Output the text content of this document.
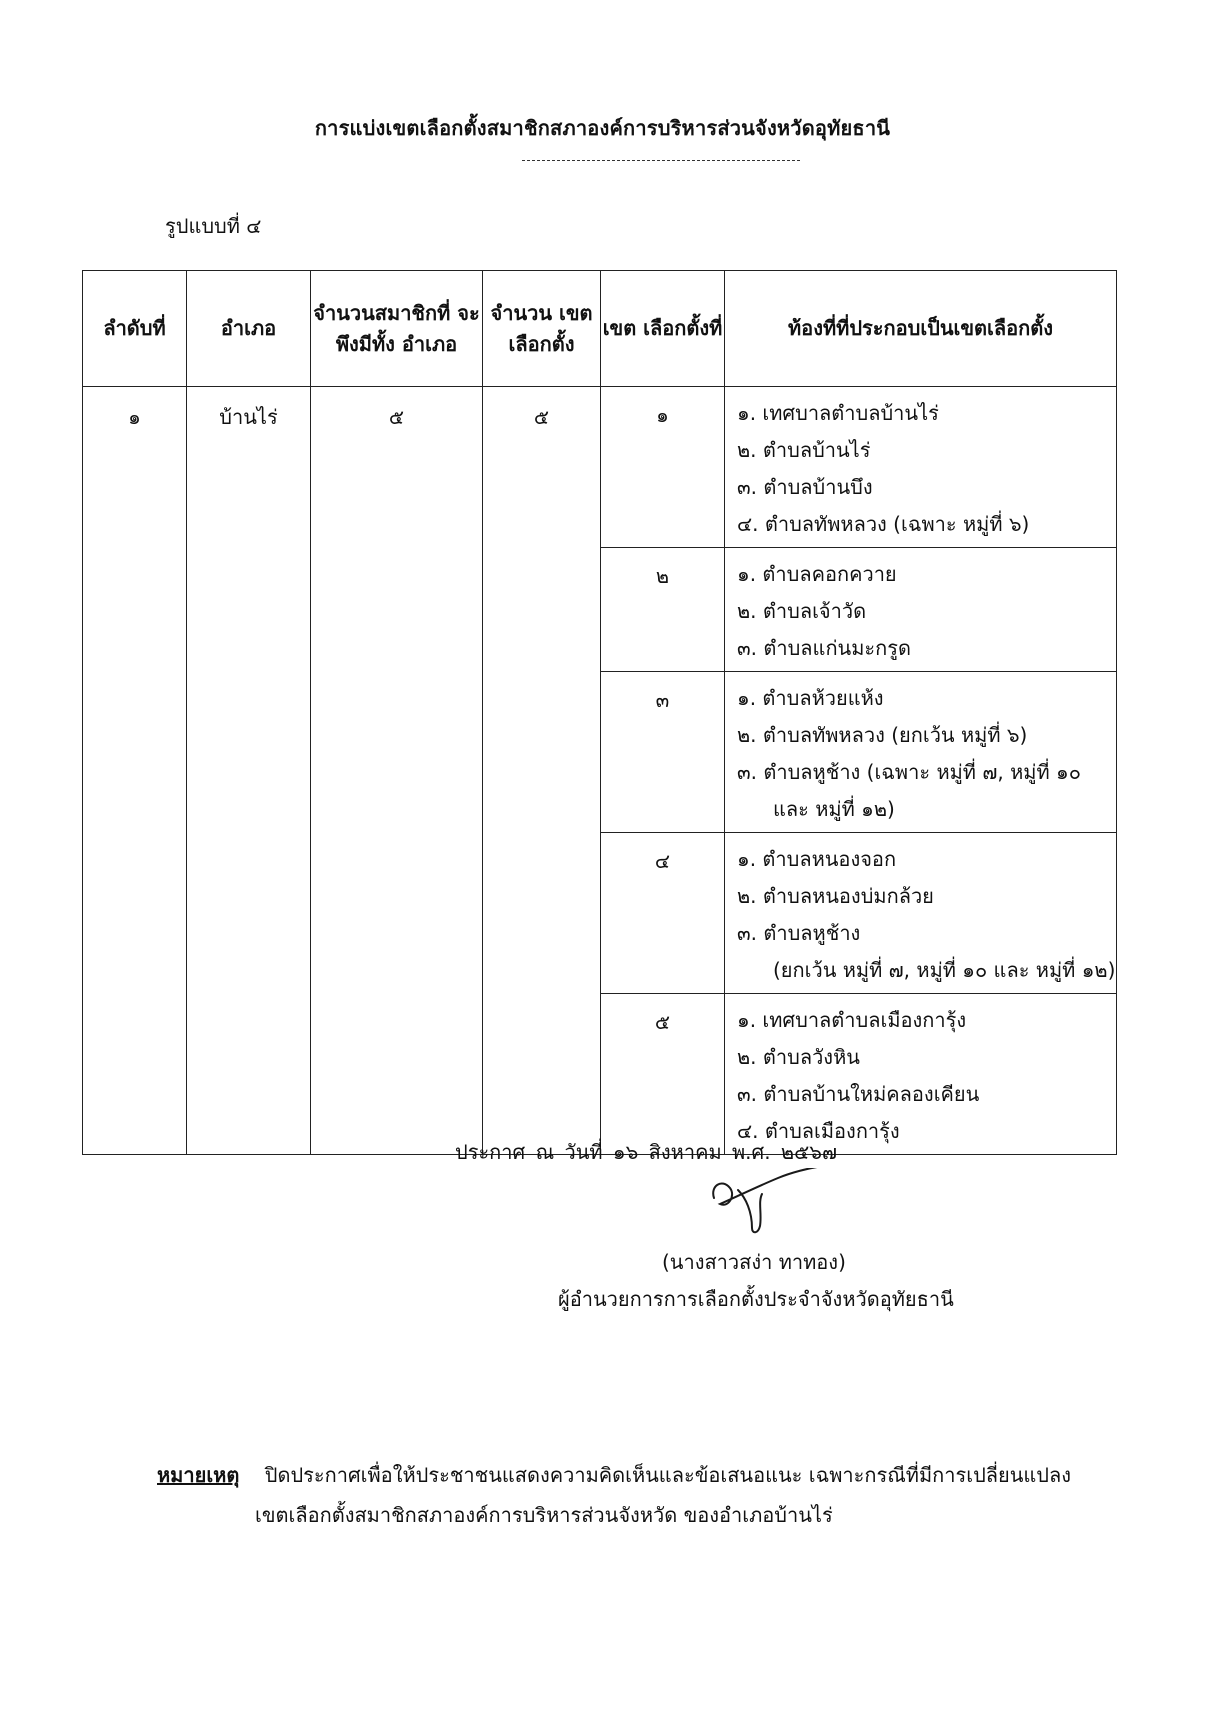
การแบ่งเขตเลือกตั้งสมาชิกสภาองค์การบริหารส่วนจังหวัดอุทัยธานี
รูปแบบที่ ๔
ลำดับที่	อำเภอ	จำนวนสมาชิกที่ จะพึงมีทั้ง อำเภอ	จำนวน เขต เลือกตั้ง	เขต เลือกตั้งที่	ท้องที่ที่ประกอบเป็นเขตเลือกตั้ง
๑	บ้านไร่	๕	๕	๑	๑. เทศบาลตำบลบ้านไร่
๒. ตำบลบ้านไร่
๓. ตำบลบ้านบึง
๔. ตำบลทัพหลวง (เฉพาะ หมู่ที่ ๖)

				๒	๑. ตำบลคอกควาย
๒. ตำบลเจ้าวัด
๓. ตำบลแก่นมะกรูด

				๓	๑. ตำบลห้วยแห้ง
๒. ตำบลทัพหลวง (ยกเว้น หมู่ที่ ๖)
๓. ตำบลหูช้าง (เฉพาะ หมู่ที่ ๗, หมู่ที่ ๑๐
และ หมู่ที่ ๑๒)

				๔	๑. ตำบลหนองจอก
๒. ตำบลหนองบ่มกล้วย
๓. ตำบลหูช้าง
(ยกเว้น หมู่ที่ ๗, หมู่ที่ ๑๐ และ หมู่ที่ ๑๒)

				๕	๑. เทศบาลตำบลเมืองการุ้ง
๒. ตำบลวังหิน
๓. ตำบลบ้านใหม่คลองเคียน
๔. ตำบลเมืองการุ้ง
ประกาศ ณ วันที่ ๑๖ สิงหาคม พ.ศ. ๒๕๖๗
(นางสาวสง่า ทาทอง)
ผู้อำนวยการการเลือกตั้งประจำจังหวัดอุทัยธานี
หมายเหตุ ปิดประกาศเพื่อให้ประชาชนแสดงความคิดเห็นและข้อเสนอแนะ เฉพาะกรณีที่มีการเปลี่ยนแปลง
เขตเลือกตั้งสมาชิกสภาองค์การบริหารส่วนจังหวัด ของอำเภอบ้านไร่
